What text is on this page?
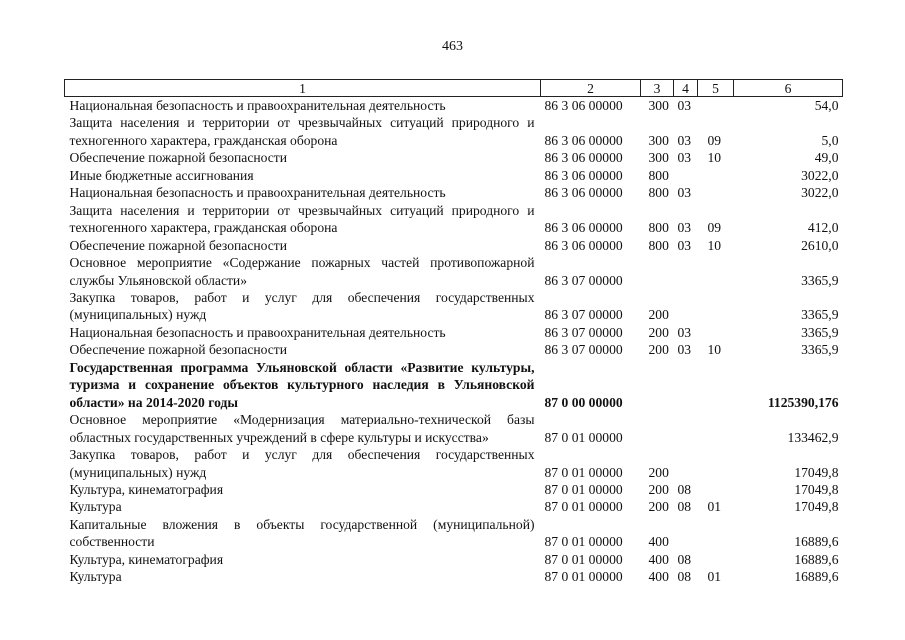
463
1	2	3	4	5	6

Национальная безопасность и правоохранительная деятельность	86 3 06 00000	300	03		54,0

Защита населения и территории от чрезвычайных ситуаций природного и техногенного характера, гражданская оборона	86 3 06 00000	300	03	09	5,0

Обеспечение пожарной безопасности	86 3 06 00000	300	03	10	49,0

Иные бюджетные ассигнования	86 3 06 00000	800			3022,0

Национальная безопасность и правоохранительная деятельность	86 3 06 00000	800	03		3022,0

Защита населения и территории от чрезвычайных ситуаций природного и техногенного характера, гражданская оборона	86 3 06 00000	800	03	09	412,0

Обеспечение пожарной безопасности	86 3 06 00000	800	03	10	2610,0

Основное мероприятие «Содержание пожарных частей противопожарной службы Ульяновской области»	86 3 07 00000				3365,9

Закупка товаров, работ и услуг для обеспечения государственных (муниципальных) нужд	86 3 07 00000	200			3365,9

Национальная безопасность и правоохранительная деятельность	86 3 07 00000	200	03		3365,9

Обеспечение пожарной безопасности	86 3 07 00000	200	03	10	3365,9

Государственная программа Ульяновской области «Развитие культуры, туризма и сохранение объектов культурного наследия в Ульяновской области» на 2014-2020 годы	87 0 00 00000				1125390,176

Основное мероприятие «Модернизация материально-технической базы областных государственных учреждений в сфере культуры и искусства»	87 0 01 00000				133462,9

Закупка товаров, работ и услуг для обеспечения государственных (муниципальных) нужд	87 0 01 00000	200			17049,8

Культура, кинематография	87 0 01 00000	200	08		17049,8

Культура	87 0 01 00000	200	08	01	17049,8

Капитальные вложения в объекты государственной (муниципальной) собственности	87 0 01 00000	400			16889,6

Культура, кинематография	87 0 01 00000	400	08		16889,6

Культура	87 0 01 00000	400	08	01	16889,6
